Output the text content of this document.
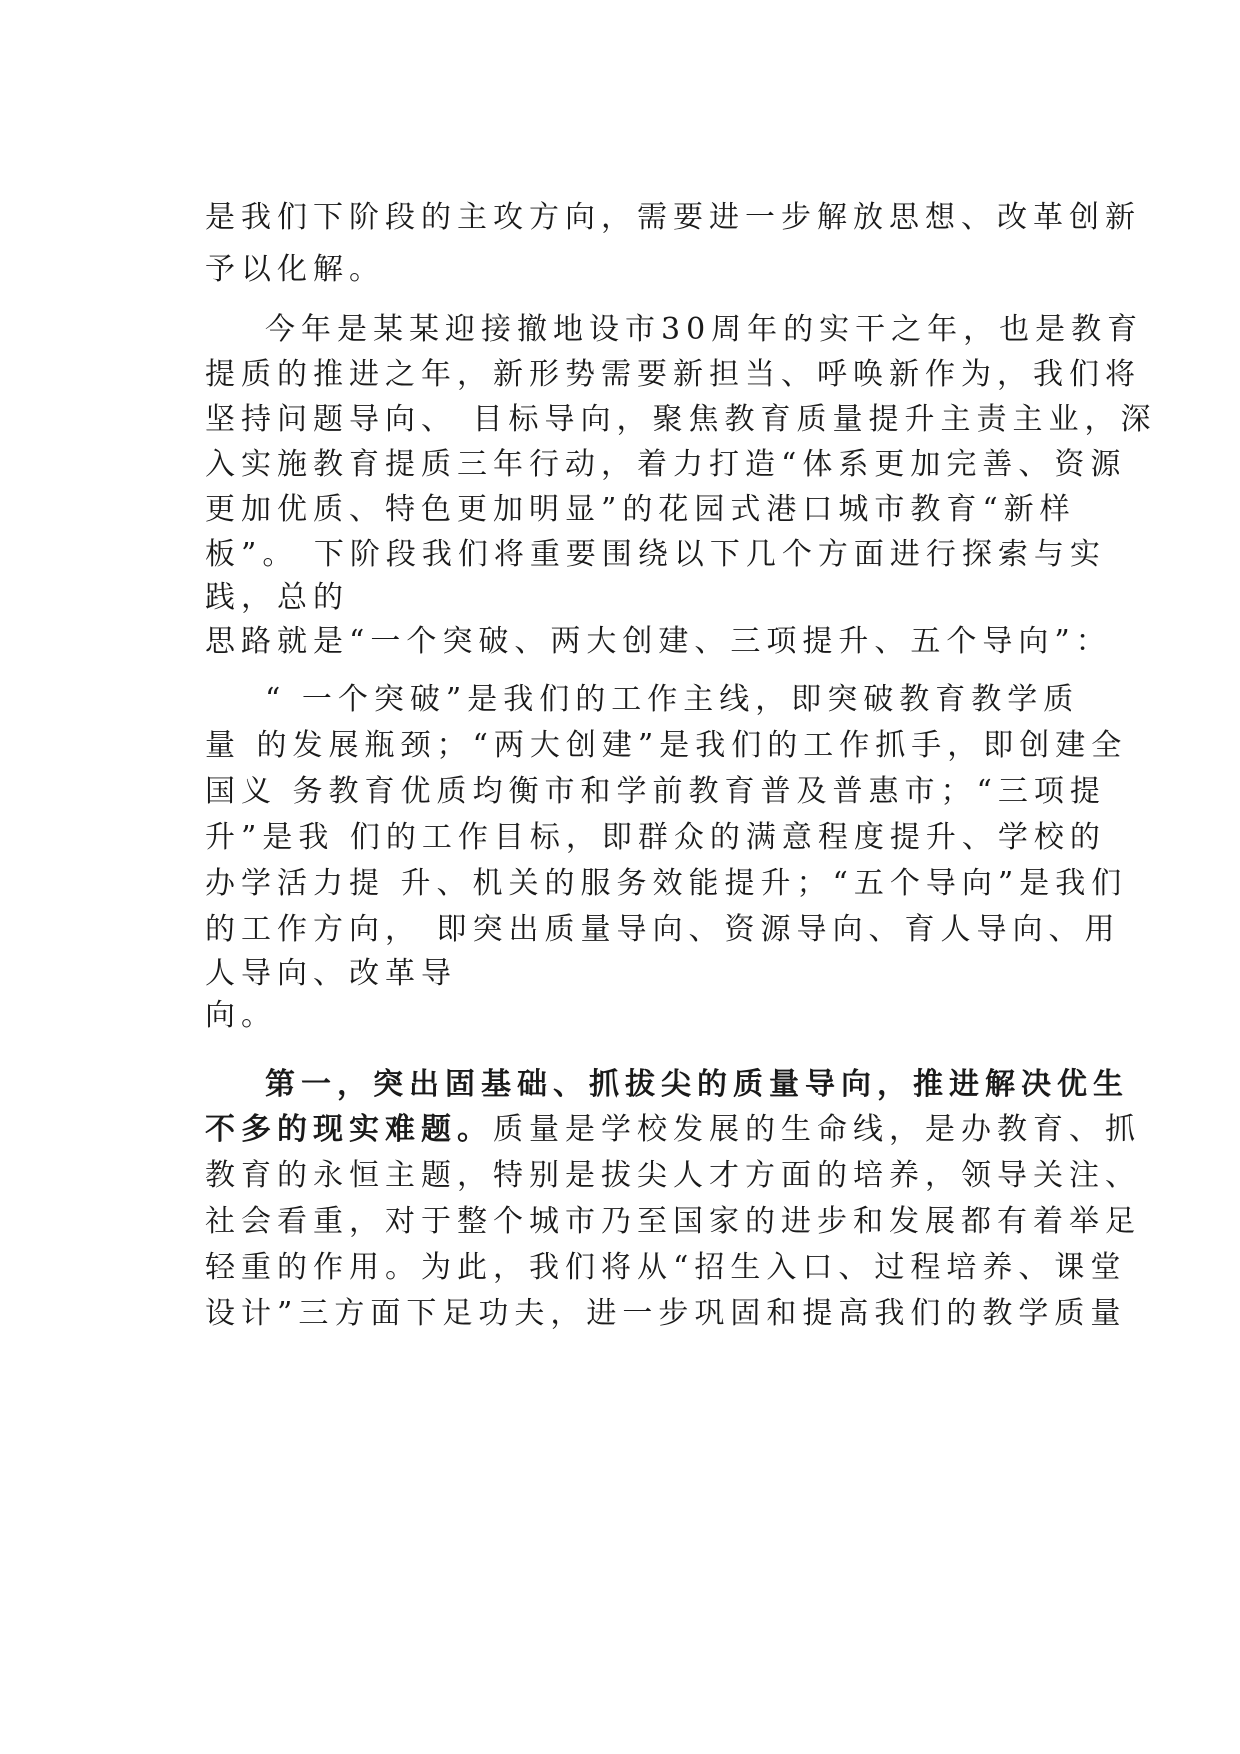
是我们下阶段的主攻方向，需要进一步解放思想、改革创新
予以化解。
今年是某某迎接撤地设市30周年的实干之年，也是教育
提质的推进之年，新形势需要新担当、呼唤新作为，我们将
坚持问题导向、 目标导向，聚焦教育质量提升主责主业，深
入实施教育提质三年行动，着力打造“体系更加完善、资源
更加优质、特色更加明显”的花园式港口城市教育“新样
板”。 下阶段我们将重要围绕以下几个方面进行探索与实
践，总的
思路就是“一个突破、两大创建、三项提升、五个导向”：
“ 一个突破”是我们的工作主线，即突破教育教学质
量 的发展瓶颈；“两大创建”是我们的工作抓手，即创建全
国义 务教育优质均衡市和学前教育普及普惠市；“三项提
升”是我 们的工作目标，即群众的满意程度提升、学校的
办学活力提 升、机关的服务效能提升；“五个导向”是我们
的工作方向， 即突出质量导向、资源导向、育人导向、用
人导向、改革导
向。
第一，突出固基础、抓拔尖的质量导向，推进解决优生
不多的现实难题。质量是学校发展的生命线，是办教育、抓
教育的永恒主题，特别是拔尖人才方面的培养，领导关注、
社会看重，对于整个城市乃至国家的进步和发展都有着举足
轻重的作用。为此，我们将从“招生入口、过程培养、课堂
设计”三方面下足功夫，进一步巩固和提高我们的教学质量
